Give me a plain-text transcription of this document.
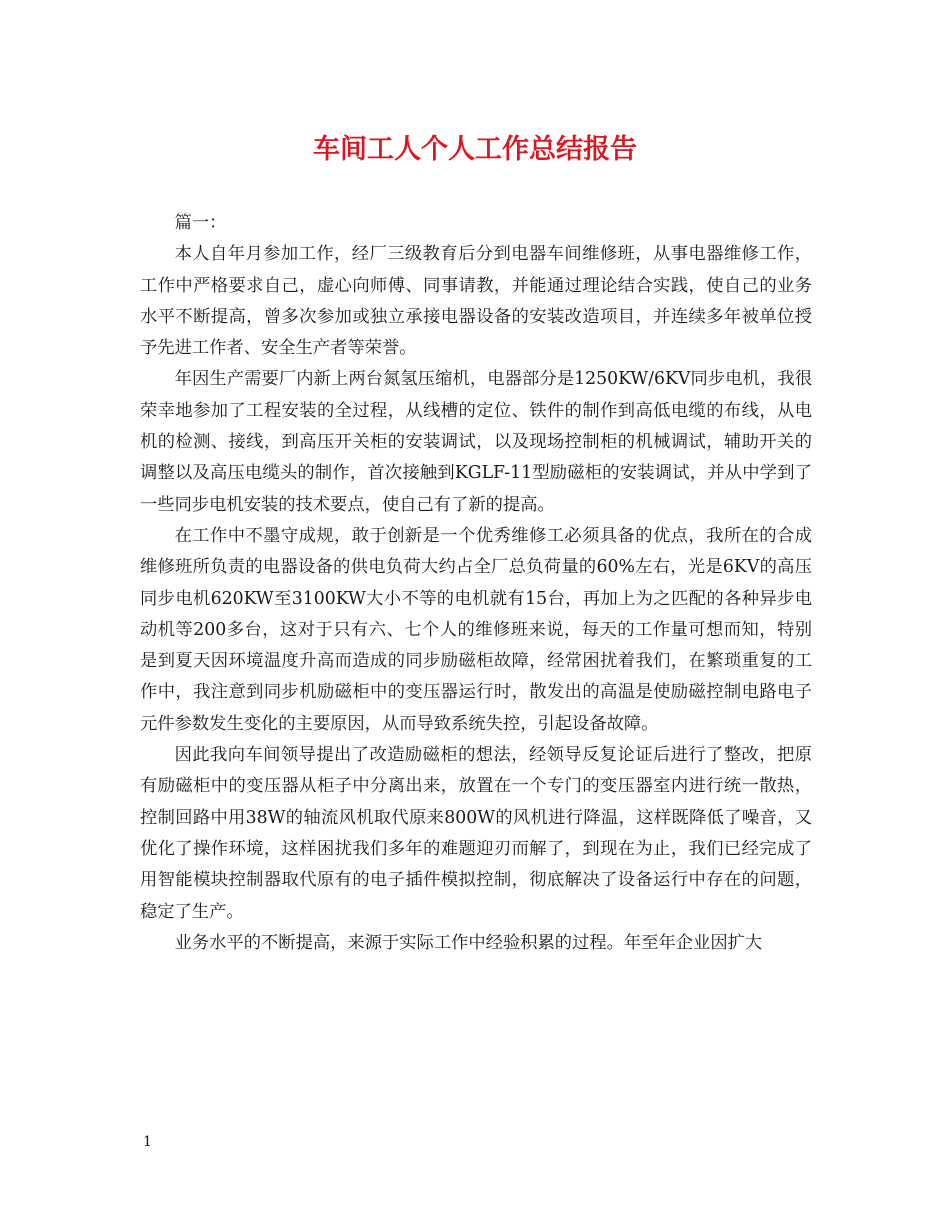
车间工人个人工作总结报告

篇一：

本人自年月参加工作，经厂三级教育后分到电器车间维修班，从事电器维修工作，工作中严格要求自己，虚心向师傅、同事请教，并能通过理论结合实践，使自己的业务水平不断提高，曾多次参加或独立承接电器设备的安装改造项目，并连续多年被单位授予先进工作者、安全生产者等荣誉。

年因生产需要厂内新上两台氮氢压缩机，电器部分是1250KW/6KV同步电机，我很荣幸地参加了工程安装的全过程，从线槽的定位、铁件的制作到高低电缆的布线，从电机的检测、接线，到高压开关柜的安装调试，以及现场控制柜的机械调试，辅助开关的调整以及高压电缆头的制作，首次接触到KGLF-11型励磁柜的安装调试，并从中学到了一些同步电机安装的技术要点，使自己有了新的提高。

在工作中不墨守成规，敢于创新是一个优秀维修工必须具备的优点，我所在的合成维修班所负责的电器设备的供电负荷大约占全厂总负荷量的60%左右，光是6KV的高压同步电机620KW至3100KW大小不等的电机就有15台，再加上为之匹配的各种异步电动机等200多台，这对于只有六、七个人的维修班来说，每天的工作量可想而知，特别是到夏天因环境温度升高而造成的同步励磁柜故障，经常困扰着我们，在繁琐重复的工作中，我注意到同步机励磁柜中的变压器运行时，散发出的高温是使励磁控制电路电子元件参数发生变化的主要原因，从而导致系统失控，引起设备故障。

因此我向车间领导提出了改造励磁柜的想法，经领导反复论证后进行了整改，把原有励磁柜中的变压器从柜子中分离出来，放置在一个专门的变压器室内进行统一散热，控制回路中用38W的轴流风机取代原来800W的风机进行降温，这样既降低了噪音，又优化了操作环境，这样困扰我们多年的难题迎刃而解了，到现在为止，我们已经完成了用智能模块控制器取代原有的电子插件模拟控制，彻底解决了设备运行中存在的问题，稳定了生产。

业务水平的不断提高，来源于实际工作中经验积累的过程。年至年企业因扩大

1
